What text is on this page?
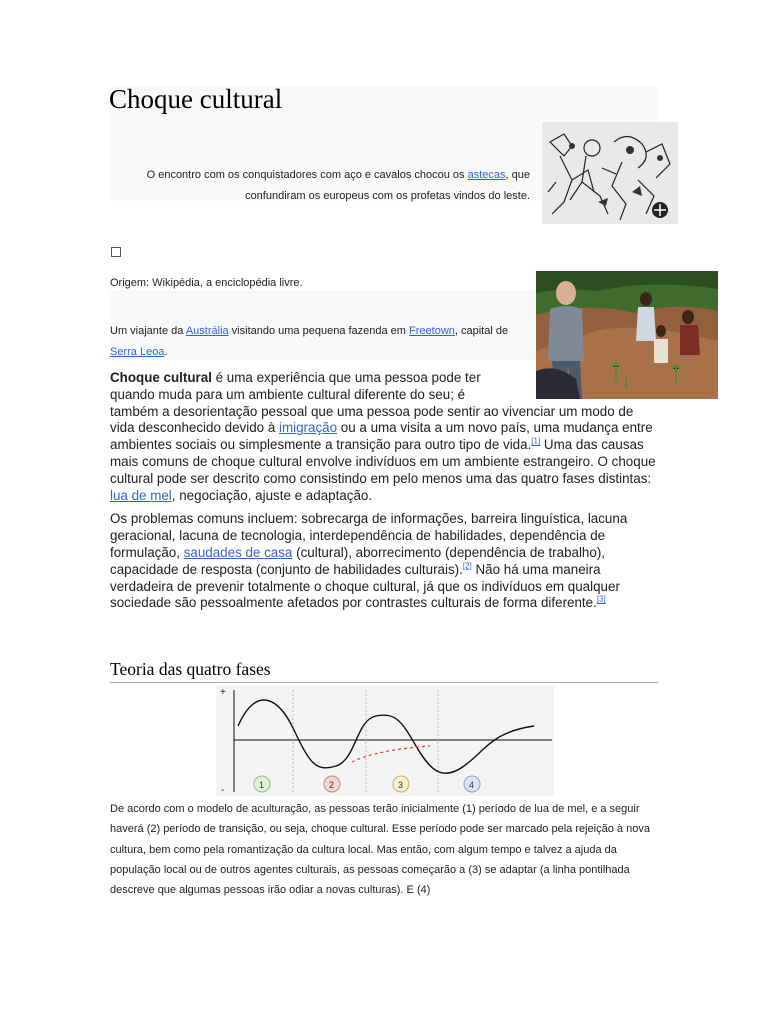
Choque cultural
O encontro com os conquistadores com aço e cavalos chocou os astecas, que confundiram os europeus com os profetas vindos do leste.
Origem: Wikipédia, a enciclopédia livre.
Um viajante da Austrália visitando uma pequena fazenda em Freetown, capital de Serra Leoa.

Choque cultural é uma experiência que uma pessoa pode ter quando muda para um ambiente cultural diferente do seu; é também a desorientação pessoal que uma pessoa pode sentir ao vivenciar um modo de vida desconhecido devido à imigração ou a uma visita a um novo país, uma mudança entre ambientes sociais ou simplesmente a transição para outro tipo de vida.[1] Uma das causas mais comuns de choque cultural envolve indivíduos em um ambiente estrangeiro. O choque cultural pode ser descrito como consistindo em pelo menos uma das quatro fases distintas: lua de mel, negociação, ajuste e adaptação.

Os problemas comuns incluem: sobrecarga de informações, barreira linguística, lacuna geracional, lacuna de tecnologia, interdependência de habilidades, dependência de formulação, saudades de casa (cultural), aborrecimento (dependência de trabalho), capacidade de resposta (conjunto de habilidades culturais).[2] Não há uma maneira verdadeira de prevenir totalmente o choque cultural, já que os indivíduos em qualquer sociedade são pessoalmente afetados por contrastes culturais de forma diferente.[3]

Teoria das quatro fases
+
-	1	2	3	4
De acordo com o modelo de aculturação, as pessoas terão inicialmente (1) período de lua de mel, e a seguir haverá (2) período de transição, ou seja, choque cultural. Esse período pode ser marcado pela rejeição à nova cultura, bem como pela romantização da cultura local. Mas então, com algum tempo e talvez a ajuda da população local ou de outros agentes culturais, as pessoas começarão a (3) se adaptar (a linha pontilhada descreve que algumas pessoas irão odiar a novas culturas). E (4)
